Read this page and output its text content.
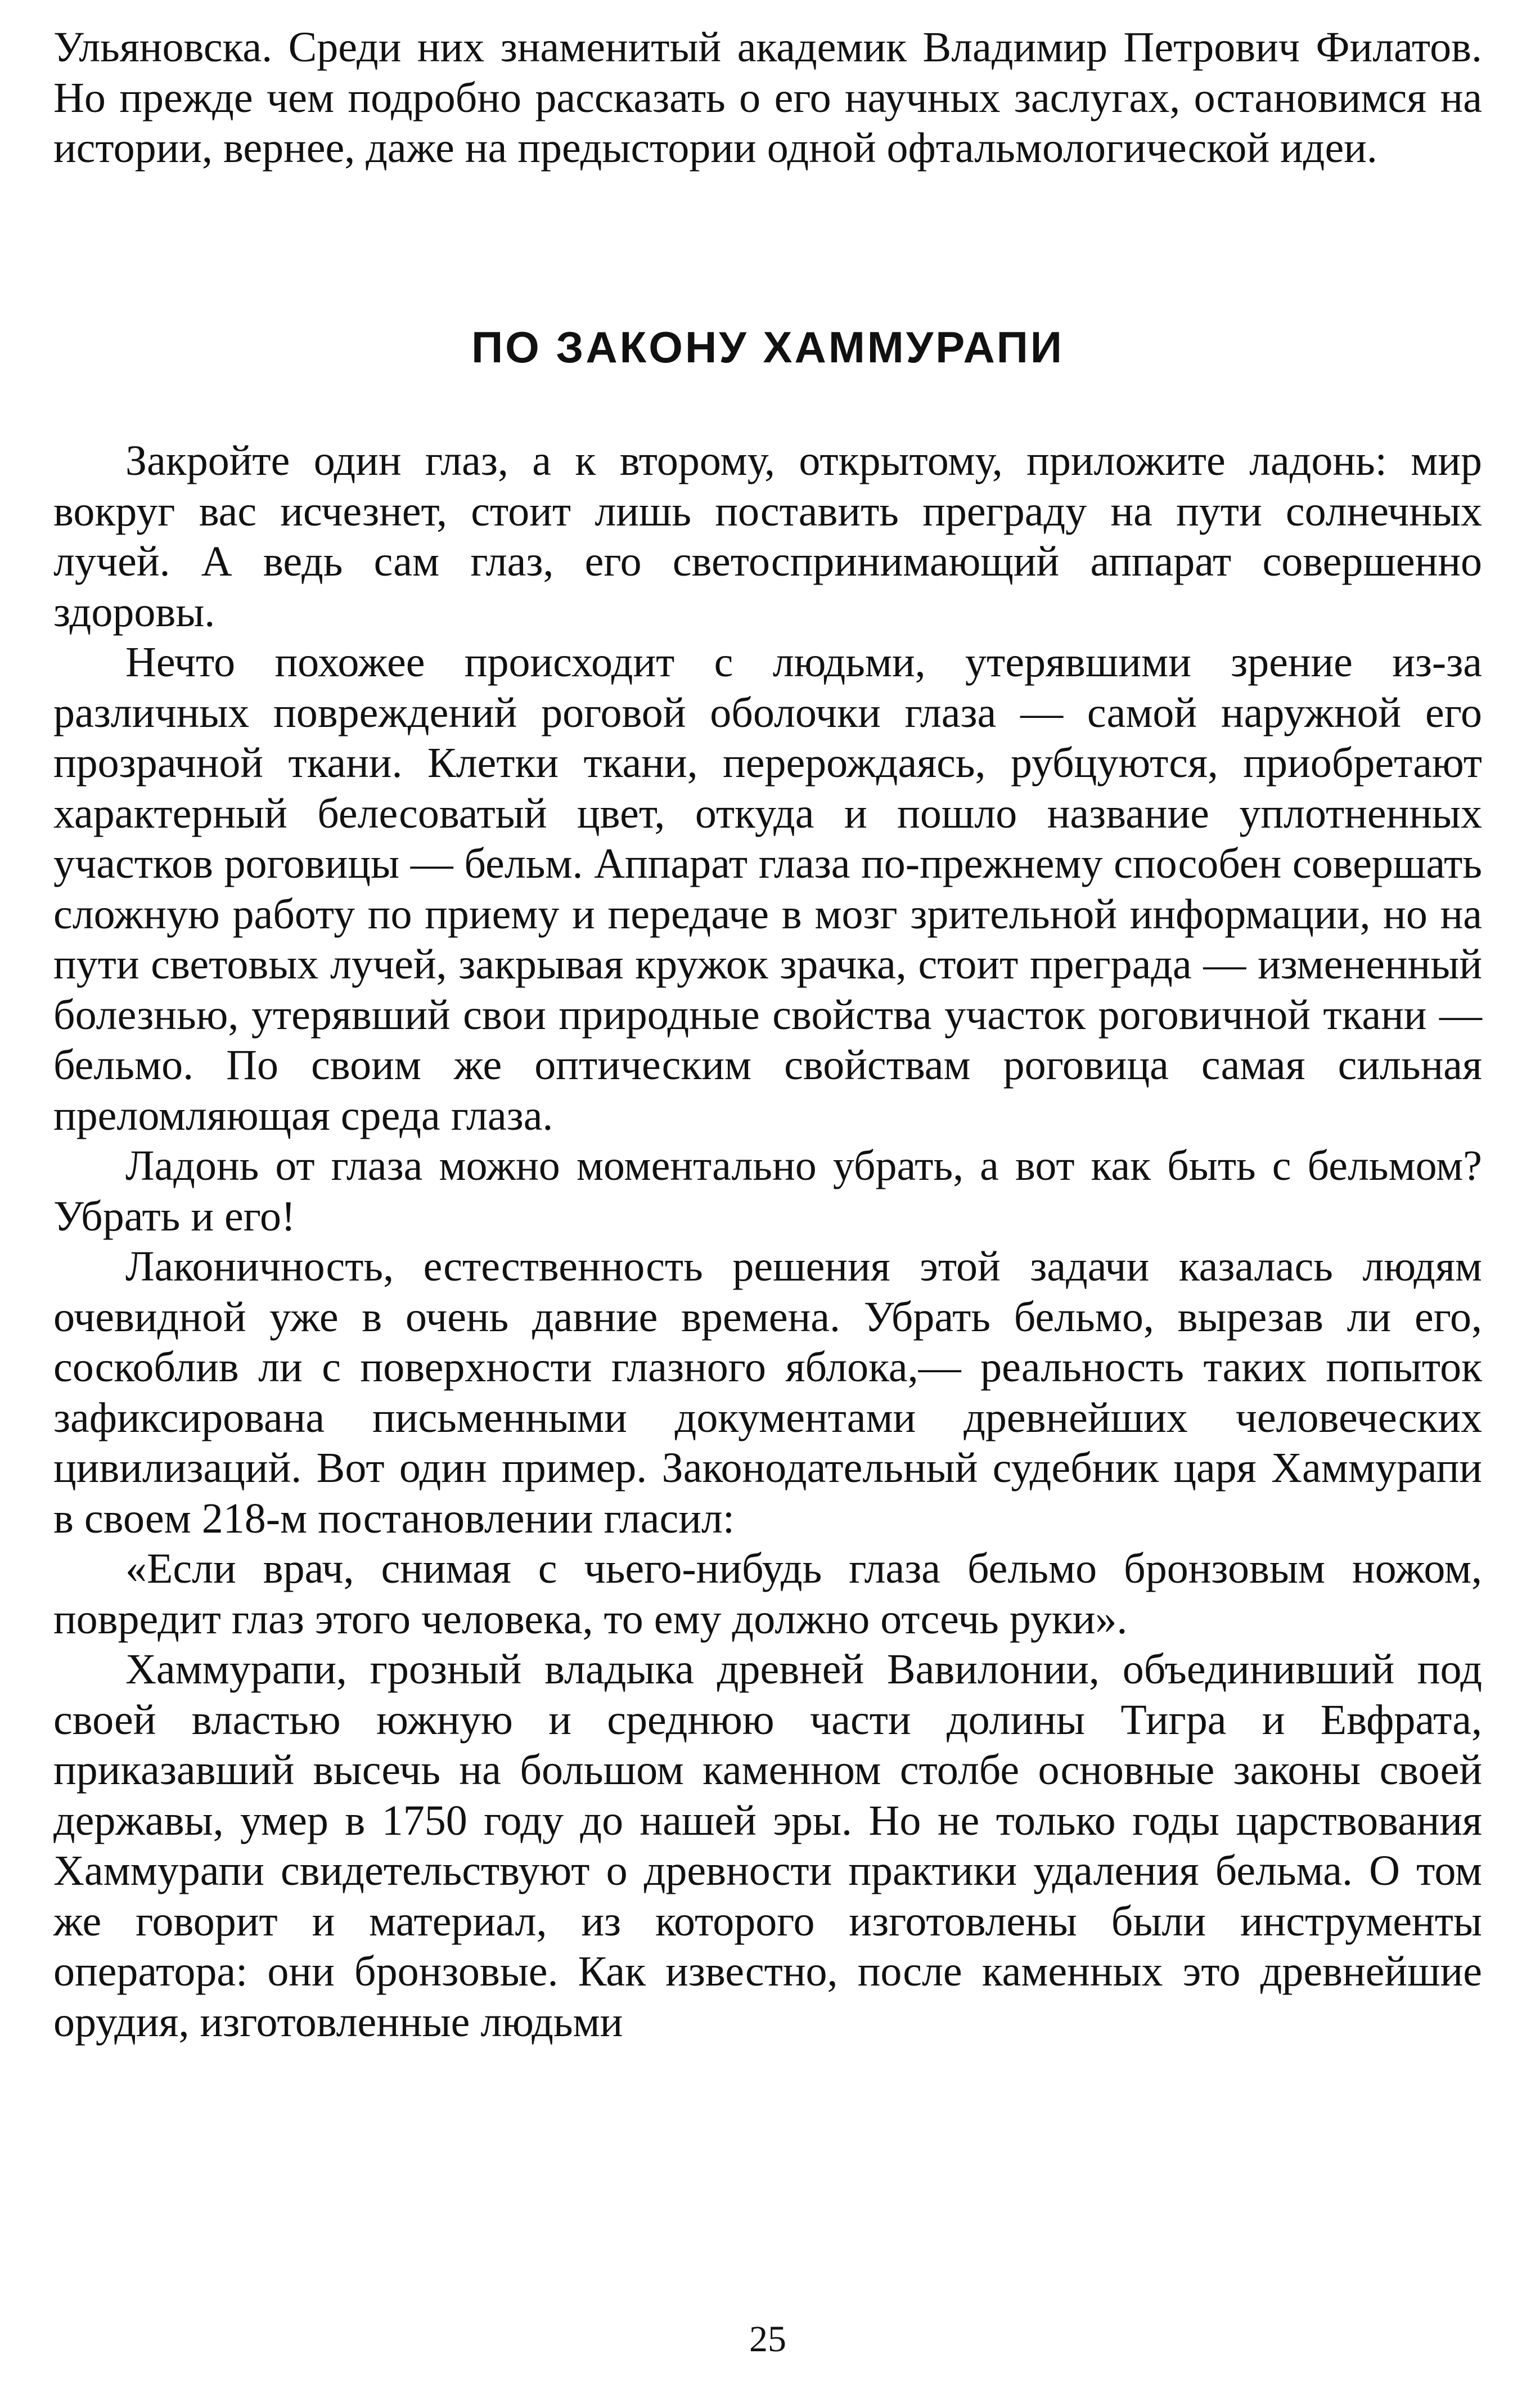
Ульяновска. Среди них знаменитый академик Владимир Петрович Филатов. Но прежде чем подробно рассказать о его научных заслугах, остановимся на истории, вернее, даже на предыстории одной офтальмологической идеи.

ПО ЗАКОНУ ХАММУРАПИ

Закройте один глаз, а к второму, открытому, приложите ладонь: мир вокруг вас исчезнет, стоит лишь поставить преграду на пути солнечных лучей. А ведь сам глаз, его светоспринимающий аппарат совершенно здоровы.

Нечто похожее происходит с людьми, утерявшими зрение из-за различных повреждений роговой оболочки глаза — самой наружной его прозрачной ткани. Клетки ткани, перерождаясь, рубцуются, приобретают характерный белесоватый цвет, откуда и пошло название уплотненных участков роговицы — бельм. Аппарат глаза по-прежнему способен совершать сложную работу по приему и передаче в мозг зрительной информации, но на пути световых лучей, закрывая кружок зрачка, стоит преграда — измененный болезнью, утерявший свои природные свойства участок роговичной ткани — бельмо. По своим же оптическим свойствам роговица самая сильная преломляющая среда глаза.

Ладонь от глаза можно моментально убрать, а вот как быть с бельмом? Убрать и его!

Лаконичность, естественность решения этой задачи казалась людям очевидной уже в очень давние времена. Убрать бельмо, вырезав ли его, соскоблив ли с поверхности глазного яблока,— реальность таких попыток зафиксирована письменными документами древнейших человеческих цивилизаций. Вот один пример. Законодательный судебник царя Хаммурапи в своем 218-м постановлении гласил:

«Если врач, снимая с чьего-нибудь глаза бельмо бронзовым ножом, повредит глаз этого человека, то ему должно отсечь руки».

Хаммурапи, грозный владыка древней Вавилонии, объединивший под своей властью южную и среднюю части долины Тигра и Евфрата, приказавший высечь на большом каменном столбе основные законы своей державы, умер в 1750 году до нашей эры. Но не только годы царствования Хаммурапи свидетельствуют о древности практики удаления бельма. О том же говорит и материал, из которого изготовлены были инструменты оператора: они бронзовые. Как известно, после каменных это древнейшие орудия, изготовленные людьми

25
